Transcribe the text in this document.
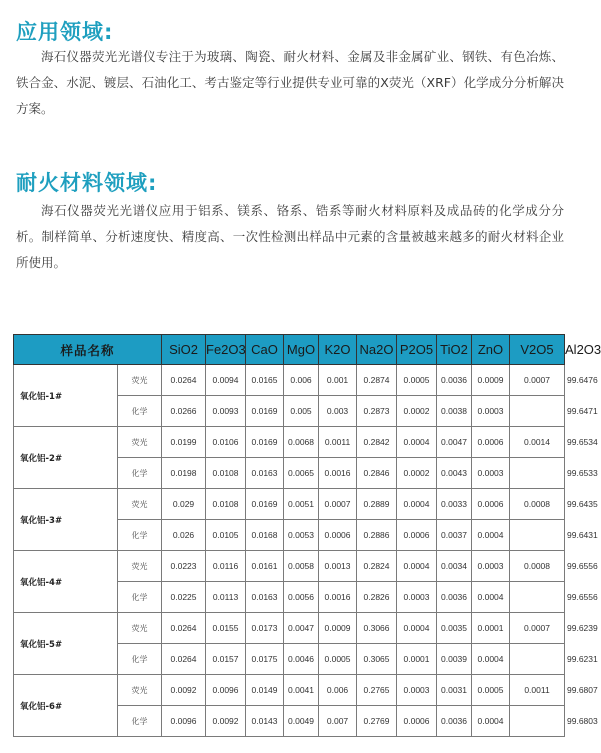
应用领域:

海石仪器荧光光谱仪专注于为玻璃、陶瓷、耐火材料、金属及非金属矿业、钢铁、有色冶炼、铁合金、水泥、镀层、石油化工、考古鉴定等行业提供专业可靠的X荧光（XRF）化学成分分析解决方案。

耐火材料领域:

海石仪器荧光光谱仪应用于铝系、镁系、铬系、锆系等耐火材料原料及成品砖的化学成分分析。制样简单、分析速度快、精度高、一次性检测出样品中元素的含量被越来越多的耐火材料企业所使用。

样品名称		SiO2	Fe2O3	CaO	MgO	K2O	Na2O	P2O5	TiO2	ZnO	V2O5	Al2O3
氧化铝-1#	荧光	0.0264	0.0094	0.0165	0.006	0.001	0.2874	0.0005	0.0036	0.0009	0.0007	99.6476
	化学	0.0266	0.0093	0.0169	0.005	0.003	0.2873	0.0002	0.0038	0.0003		99.6471
氧化铝-2#	荧光	0.0199	0.0106	0.0169	0.0068	0.0011	0.2842	0.0004	0.0047	0.0006	0.0014	99.6534
	化学	0.0198	0.0108	0.0163	0.0065	0.0016	0.2846	0.0002	0.0043	0.0003		99.6533
氧化铝-3#	荧光	0.029	0.0108	0.0169	0.0051	0.0007	0.2889	0.0004	0.0033	0.0006	0.0008	99.6435
	化学	0.026	0.0105	0.0168	0.0053	0.0006	0.2886	0.0006	0.0037	0.0004		99.6431
氧化铝-4#	荧光	0.0223	0.0116	0.0161	0.0058	0.0013	0.2824	0.0004	0.0034	0.0003	0.0008	99.6556
	化学	0.0225	0.0113	0.0163	0.0056	0.0016	0.2826	0.0003	0.0036	0.0004		99.6556
氧化铝-5#	荧光	0.0264	0.0155	0.0173	0.0047	0.0009	0.3066	0.0004	0.0035	0.0001	0.0007	99.6239
	化学	0.0264	0.0157	0.0175	0.0046	0.0005	0.3065	0.0001	0.0039	0.0004		99.6231
氧化铝-6#	荧光	0.0092	0.0096	0.0149	0.0041	0.006	0.2765	0.0003	0.0031	0.0005	0.0011	99.6807
	化学	0.0096	0.0092	0.0143	0.0049	0.007	0.2769	0.0006	0.0036	0.0004		99.6803
